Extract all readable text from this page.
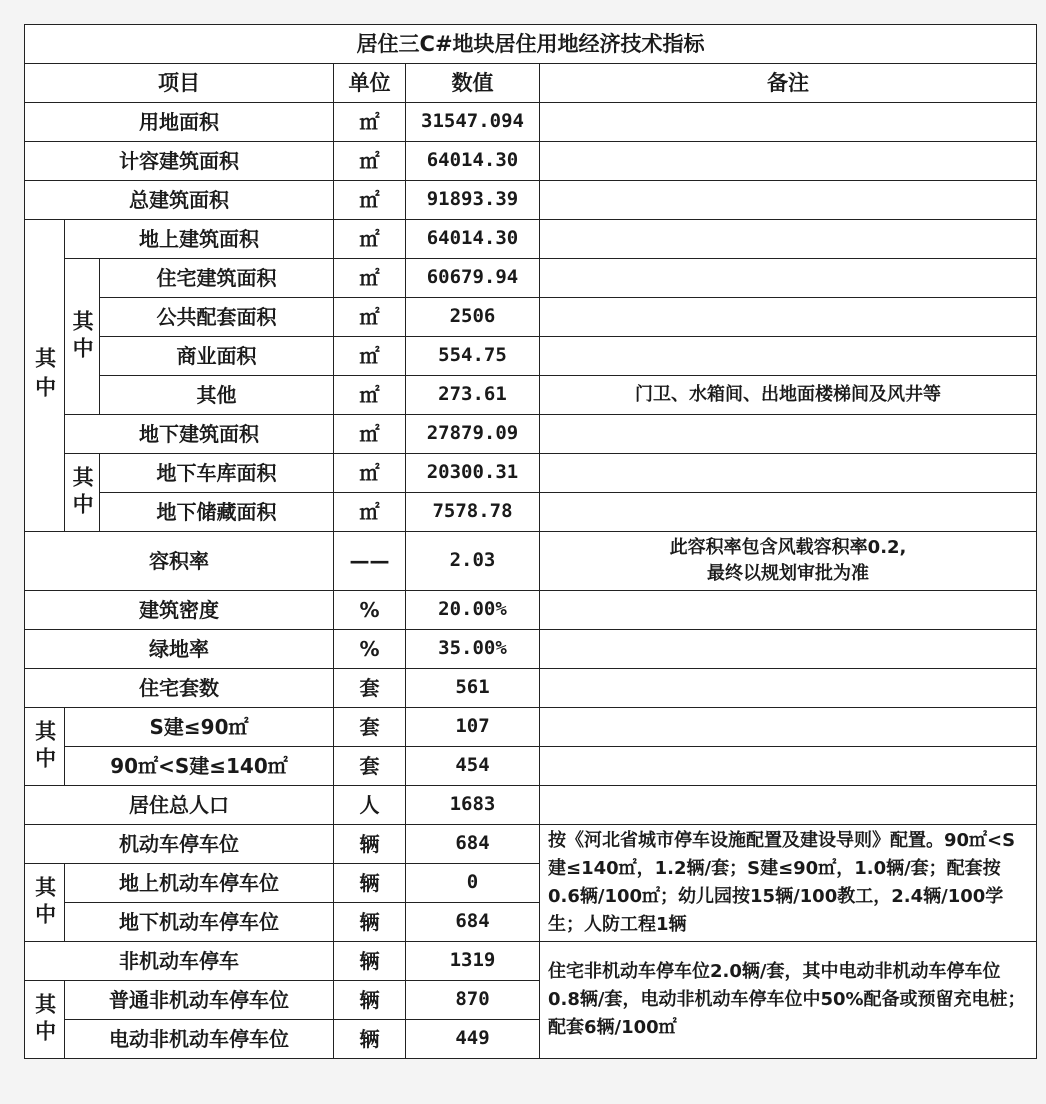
居住三C#地块居住用地经济技术指标					
项目			单位	数值	备注
用地面积			㎡	31547.094	
计容建筑面积			㎡	64014.30	
总建筑面积			㎡	91893.39	
其中	地上建筑面积		㎡	64014.30	
	其中	住宅建筑面积	㎡	60679.94	
		公共配套面积	㎡	2506	
		商业面积	㎡	554.75	
		其他	㎡	273.61	门卫、水箱间、出地面楼梯间及风井等
	地下建筑面积		㎡	27879.09	
	其中	地下车库面积	㎡	20300.31	
		地下储藏面积	㎡	7578.78	
容积率			——	2.03	此容积率包含风载容积率0.2,
最终以规划审批为准

建筑密度			%	20.00%	
绿地率			%	35.00%	
住宅套数			套	561	
其中	S建≤90㎡		套	107	
	90㎡<S建≤140㎡		套	454	
居住总人口			人	1683	
机动车停车位			辆	684	按《河北省城市停车设施配置及建设导则》配置。90㎡<S建≤140㎡，1.2辆/套；S建≤90㎡，1.0辆/套；配套按0.6辆/100㎡；幼儿园按15辆/100教工，2.4辆/100学生；人防工程1辆
其中	地上机动车停车位		辆	0	
	地下机动车停车位		辆	684	
非机动车停车			辆	1319	住宅非机动车停车位2.0辆/套，其中电动非机动车停车位0.8辆/套，电动非机动车停车位中50%配备或预留充电桩；配套6辆/100㎡
其中	普通非机动车停车位		辆	870	
	电动非机动车停车位		辆	449	
